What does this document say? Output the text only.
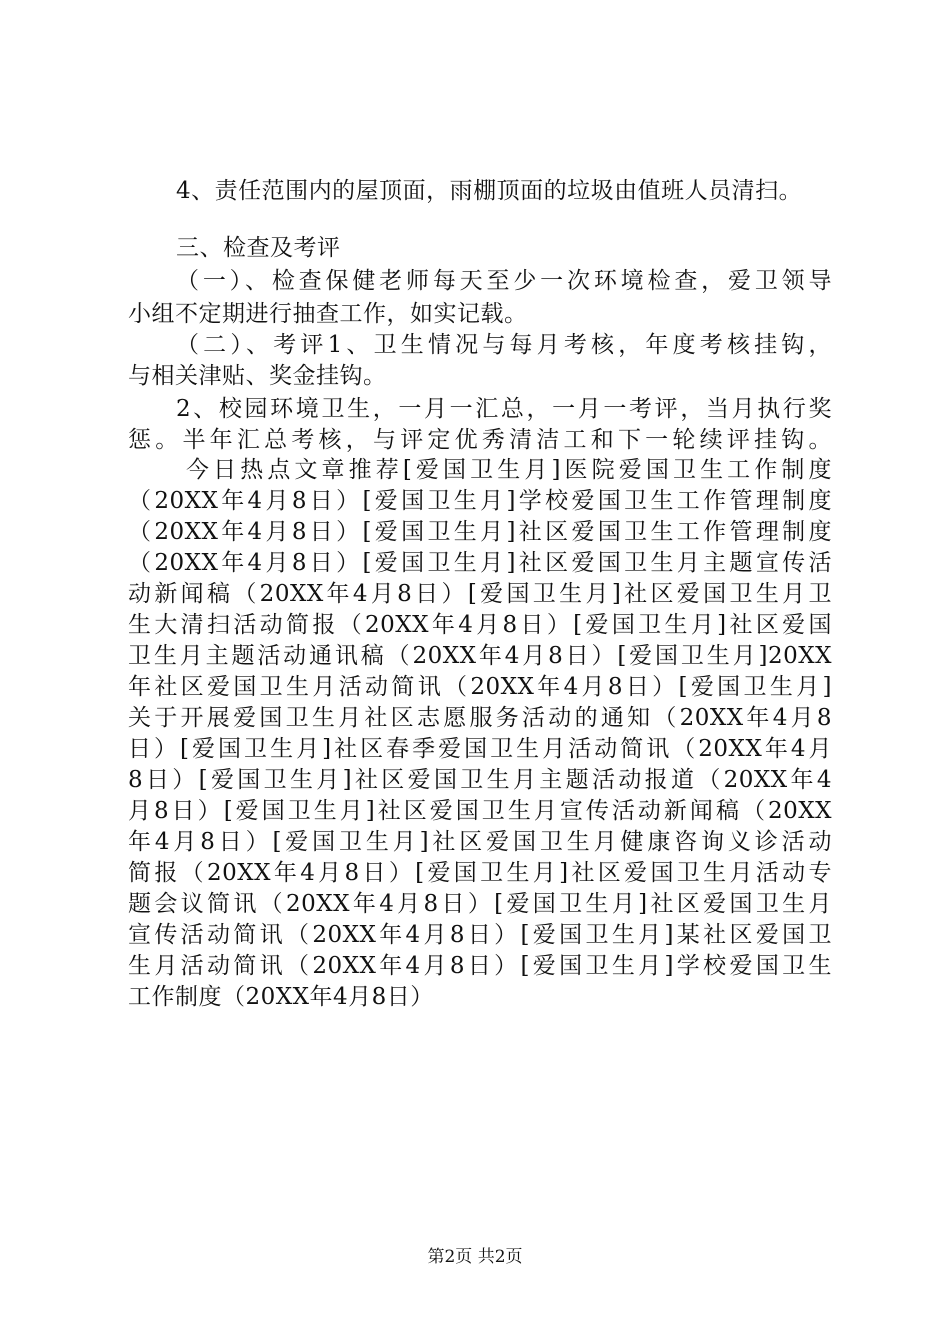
4、责任范围内的屋顶面，雨棚顶面的垃圾由值班人员清扫。
三、检查及考评
（一）、检查保健老师每天至少一次环境检查，爱卫领导
小组不定期进行抽查工作，如实记载。
（二）、考评1、卫生情况与每月考核，年度考核挂钩，
与相关津贴、奖金挂钩。
2、校园环境卫生，一月一汇总，一月一考评，当月执行奖
惩。半年汇总考核，与评定优秀清洁工和下一轮续评挂钩。
今日热点文章推荐[爱国卫生月]医院爱国卫生工作制度
（20XX年4月8日）[爱国卫生月]学校爱国卫生工作管理制度
（20XX年4月8日）[爱国卫生月]社区爱国卫生工作管理制度
（20XX年4月8日）[爱国卫生月]社区爱国卫生月主题宣传活
动新闻稿（20XX年4月8日）[爱国卫生月]社区爱国卫生月卫
生大清扫活动简报（20XX年4月8日）[爱国卫生月]社区爱国
卫生月主题活动通讯稿（20XX年4月8日）[爱国卫生月]20XX
年社区爱国卫生月活动简讯（20XX年4月8日）[爱国卫生月]
关于开展爱国卫生月社区志愿服务活动的通知（20XX年4月8
日）[爱国卫生月]社区春季爱国卫生月活动简讯（20XX年4月
8日）[爱国卫生月]社区爱国卫生月主题活动报道（20XX年4
月8日）[爱国卫生月]社区爱国卫生月宣传活动新闻稿（20XX
年4月8日）[爱国卫生月]社区爱国卫生月健康咨询义诊活动
简报（20XX年4月8日）[爱国卫生月]社区爱国卫生月活动专
题会议简讯（20XX年4月8日）[爱国卫生月]社区爱国卫生月
宣传活动简讯（20XX年4月8日）[爱国卫生月]某社区爱国卫
生月活动简讯（20XX年4月8日）[爱国卫生月]学校爱国卫生
工作制度（20XX年4月8日）
第2页 共2页
